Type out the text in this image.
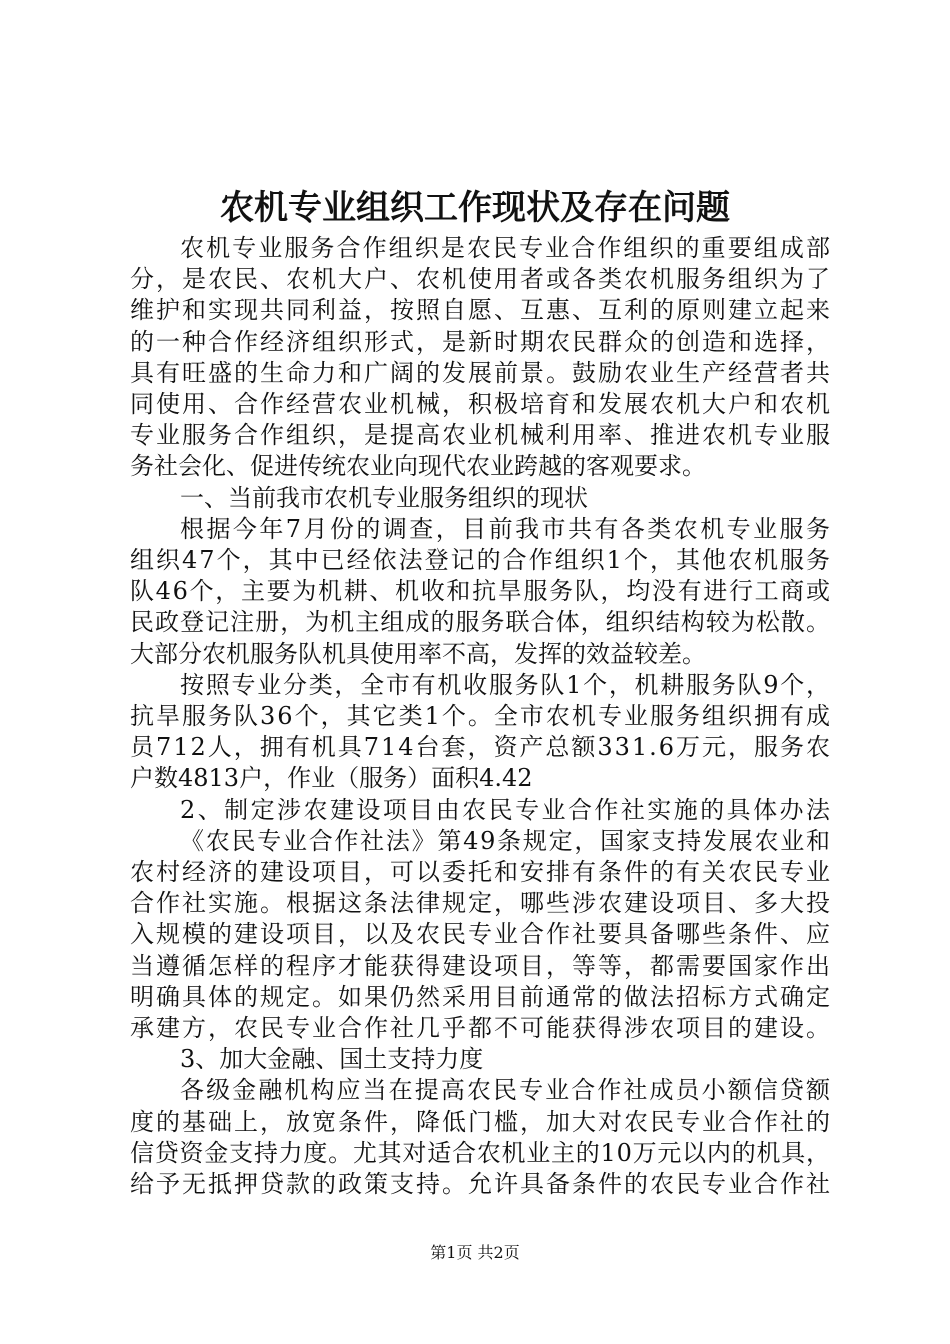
农机专业组织工作现状及存在问题
农机专业服务合作组织是农民专业合作组织的重要组成部
分，是农民、农机大户、农机使用者或各类农机服务组织为了
维护和实现共同利益，按照自愿、互惠、互利的原则建立起来
的一种合作经济组织形式，是新时期农民群众的创造和选择，
具有旺盛的生命力和广阔的发展前景。鼓励农业生产经营者共
同使用、合作经营农业机械，积极培育和发展农机大户和农机
专业服务合作组织，是提高农业机械利用率、推进农机专业服
务社会化、促进传统农业向现代农业跨越的客观要求。
一、当前我市农机专业服务组织的现状
根据今年7月份的调查，目前我市共有各类农机专业服务
组织47个，其中已经依法登记的合作组织1个，其他农机服务
队46个，主要为机耕、机收和抗旱服务队，均没有进行工商或
民政登记注册，为机主组成的服务联合体，组织结构较为松散。
大部分农机服务队机具使用率不高，发挥的效益较差。
按照专业分类，全市有机收服务队1个，机耕服务队9个，
抗旱服务队36个，其它类1个。全市农机专业服务组织拥有成
员712人，拥有机具714台套，资产总额331.6万元，服务农
户数4813户，作业（服务）面积4.42
2、制定涉农建设项目由农民专业合作社实施的具体办法
《农民专业合作社法》第49条规定，国家支持发展农业和
农村经济的建设项目，可以委托和安排有条件的有关农民专业
合作社实施。根据这条法律规定，哪些涉农建设项目、多大投
入规模的建设项目，以及农民专业合作社要具备哪些条件、应
当遵循怎样的程序才能获得建设项目，等等，都需要国家作出
明确具体的规定。如果仍然采用目前通常的做法招标方式确定
承建方，农民专业合作社几乎都不可能获得涉农项目的建设。
3、加大金融、国土支持力度
各级金融机构应当在提高农民专业合作社成员小额信贷额
度的基础上，放宽条件，降低门槛，加大对农民专业合作社的
信贷资金支持力度。尤其对适合农机业主的10万元以内的机具，
给予无抵押贷款的政策支持。允许具备条件的农民专业合作社
第1页 共2页
